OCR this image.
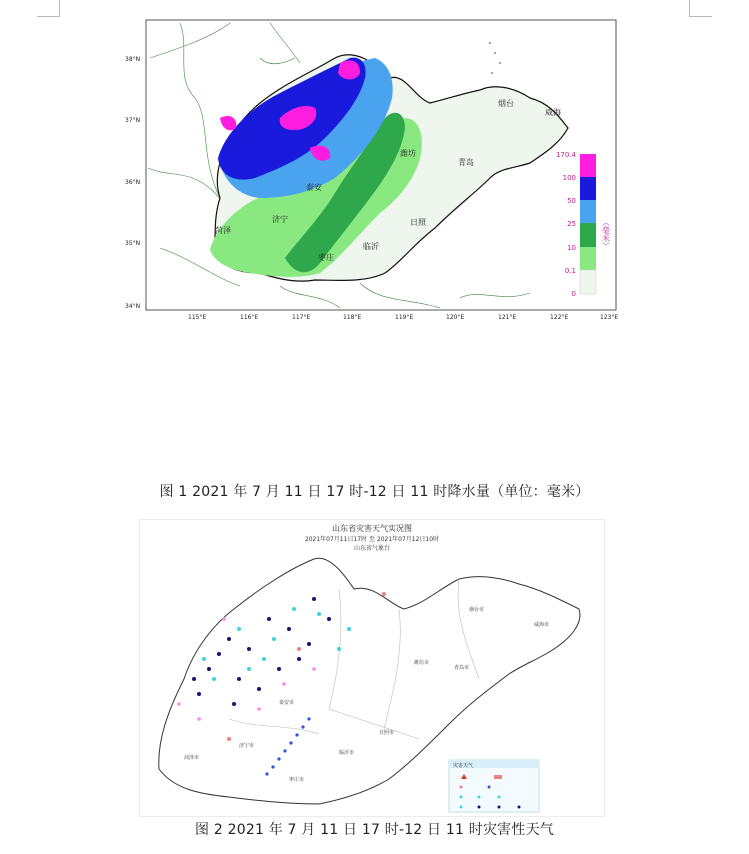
烟台
威海
潍坊
青岛
泰安
济宁
菏泽
日照
临沂
枣庄
38°N
37°N
36°N
35°N
34°N
115°E	116°E	117°E	118°E	119°E	120°E	121°E	122°E	123°E
170.4
100
50
25
10
0.1
0
（毫米）
图 1 2021 年 7 月 11 日 17 时-12 日 11 时降水量（单位：毫米）
山东省灾害天气实况图
2021年07月11日17时 至 2021年07月12日10时
山东省气象台
烟台市
威海市
潍坊市
青岛市
泰安市
济宁市
菏泽市
日照市
临沂市
枣庄市
灾害天气
图 2 2021 年 7 月 11 日 17 时-12 日 11 时灾害性天气
